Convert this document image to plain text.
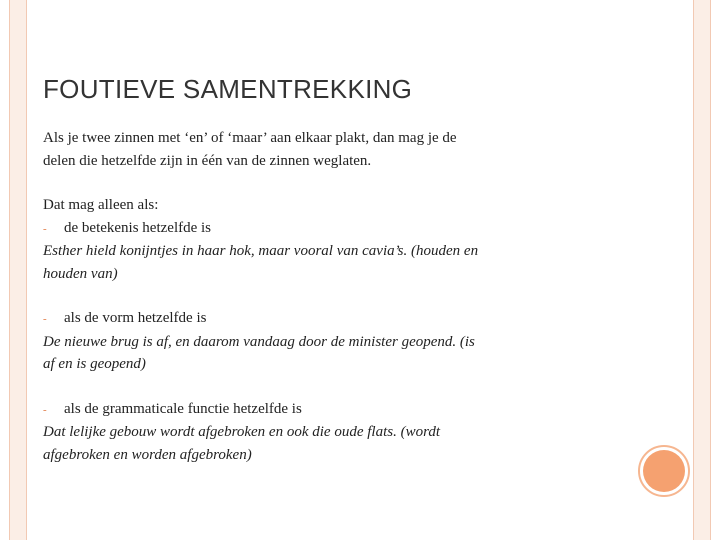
FOUTIEVE SAMENTREKKING
Als je twee zinnen met ‘en’ of ‘maar’ aan elkaar plakt, dan mag je de
delen die hetzelfde zijn in één van de zinnen weglaten.
Dat mag alleen als:
- de betekenis hetzelfde is
Esther hield konijntjes in haar hok, maar vooral van cavia’s. (houden en
houden van)
- als de vorm hetzelfde is
De nieuwe brug is af, en daarom vandaag door de minister geopend. (is
af en is geopend)
- als de grammaticale functie hetzelfde is
Dat lelijke gebouw wordt afgebroken en ook die oude flats. (wordt
afgebroken en worden afgebroken)
